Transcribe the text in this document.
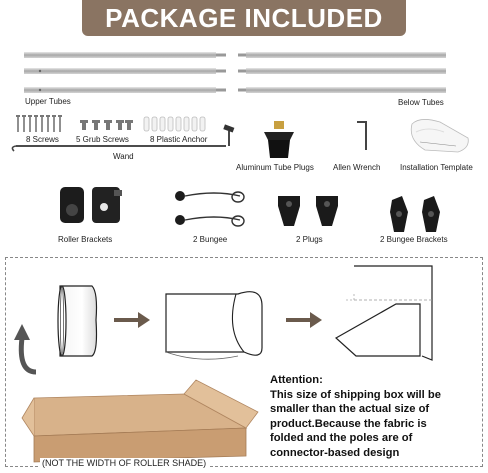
PACKAGE INCLUDED
Upper Tubes	Below Tubes
8 Screws 5 Grub Screws	8 Plastic Anchor
Wand
Aluminum Tube Plugs Allen Wrench Installation Template
Roller Brackets	2 Bungee	2 Plugs	2 Bungee Brackets
Attention:
This size of shipping box will be
smaller than the actual size of
product.Because the fabric is
folded and the poles are of
connector-based design
(NOT THE WIDTH OF ROLLER SHADE)
